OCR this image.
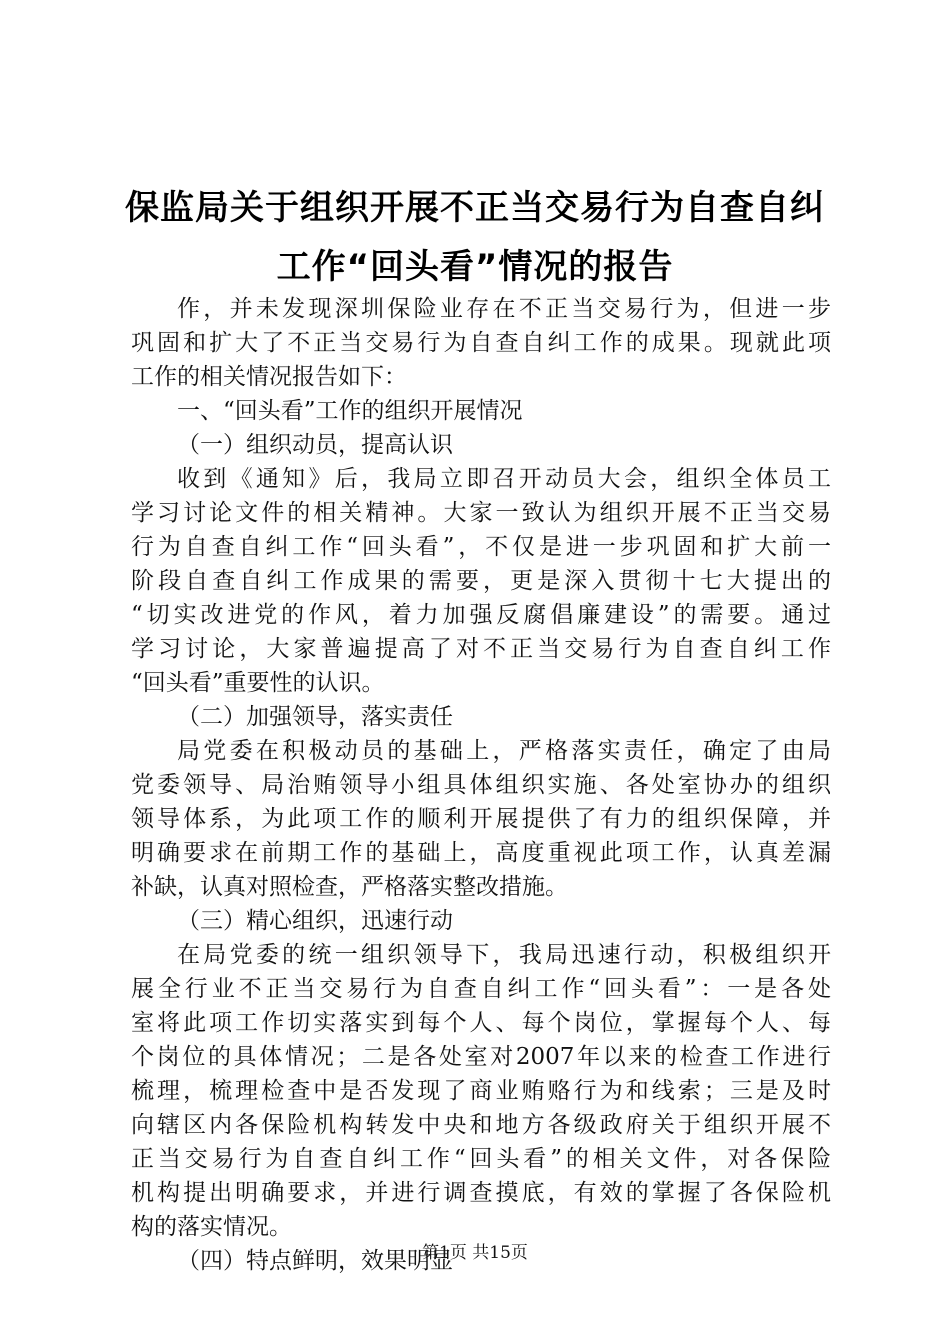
保监局关于组织开展不正当交易行为自查自纠
工作“回头看”情况的报告
作，并未发现深圳保险业存在不正当交易行为，但进一步
巩固和扩大了不正当交易行为自查自纠工作的成果。现就此项
工作的相关情况报告如下：
一、“回头看”工作的组织开展情况
（一）组织动员，提高认识
收到《通知》后，我局立即召开动员大会，组织全体员工
学习讨论文件的相关精神。大家一致认为组织开展不正当交易
行为自查自纠工作“回头看”，不仅是进一步巩固和扩大前一
阶段自查自纠工作成果的需要，更是深入贯彻十七大提出的
“切实改进党的作风，着力加强反腐倡廉建设”的需要。通过
学习讨论，大家普遍提高了对不正当交易行为自查自纠工作
“回头看”重要性的认识。
（二）加强领导，落实责任
局党委在积极动员的基础上，严格落实责任，确定了由局
党委领导、局治贿领导小组具体组织实施、各处室协办的组织
领导体系，为此项工作的顺利开展提供了有力的组织保障，并
明确要求在前期工作的基础上，高度重视此项工作，认真差漏
补缺，认真对照检查，严格落实整改措施。
（三）精心组织，迅速行动
在局党委的统一组织领导下，我局迅速行动，积极组织开
展全行业不正当交易行为自查自纠工作“回头看”：一是各处
室将此项工作切实落实到每个人、每个岗位，掌握每个人、每
个岗位的具体情况；二是各处室对2007年以来的检查工作进行
梳理，梳理检查中是否发现了商业贿赂行为和线索；三是及时
向辖区内各保险机构转发中央和地方各级政府关于组织开展不
正当交易行为自查自纠工作“回头看”的相关文件，对各保险
机构提出明确要求，并进行调查摸底，有效的掌握了各保险机
构的落实情况。
（四）特点鲜明，效果明显
第1页 共15页
